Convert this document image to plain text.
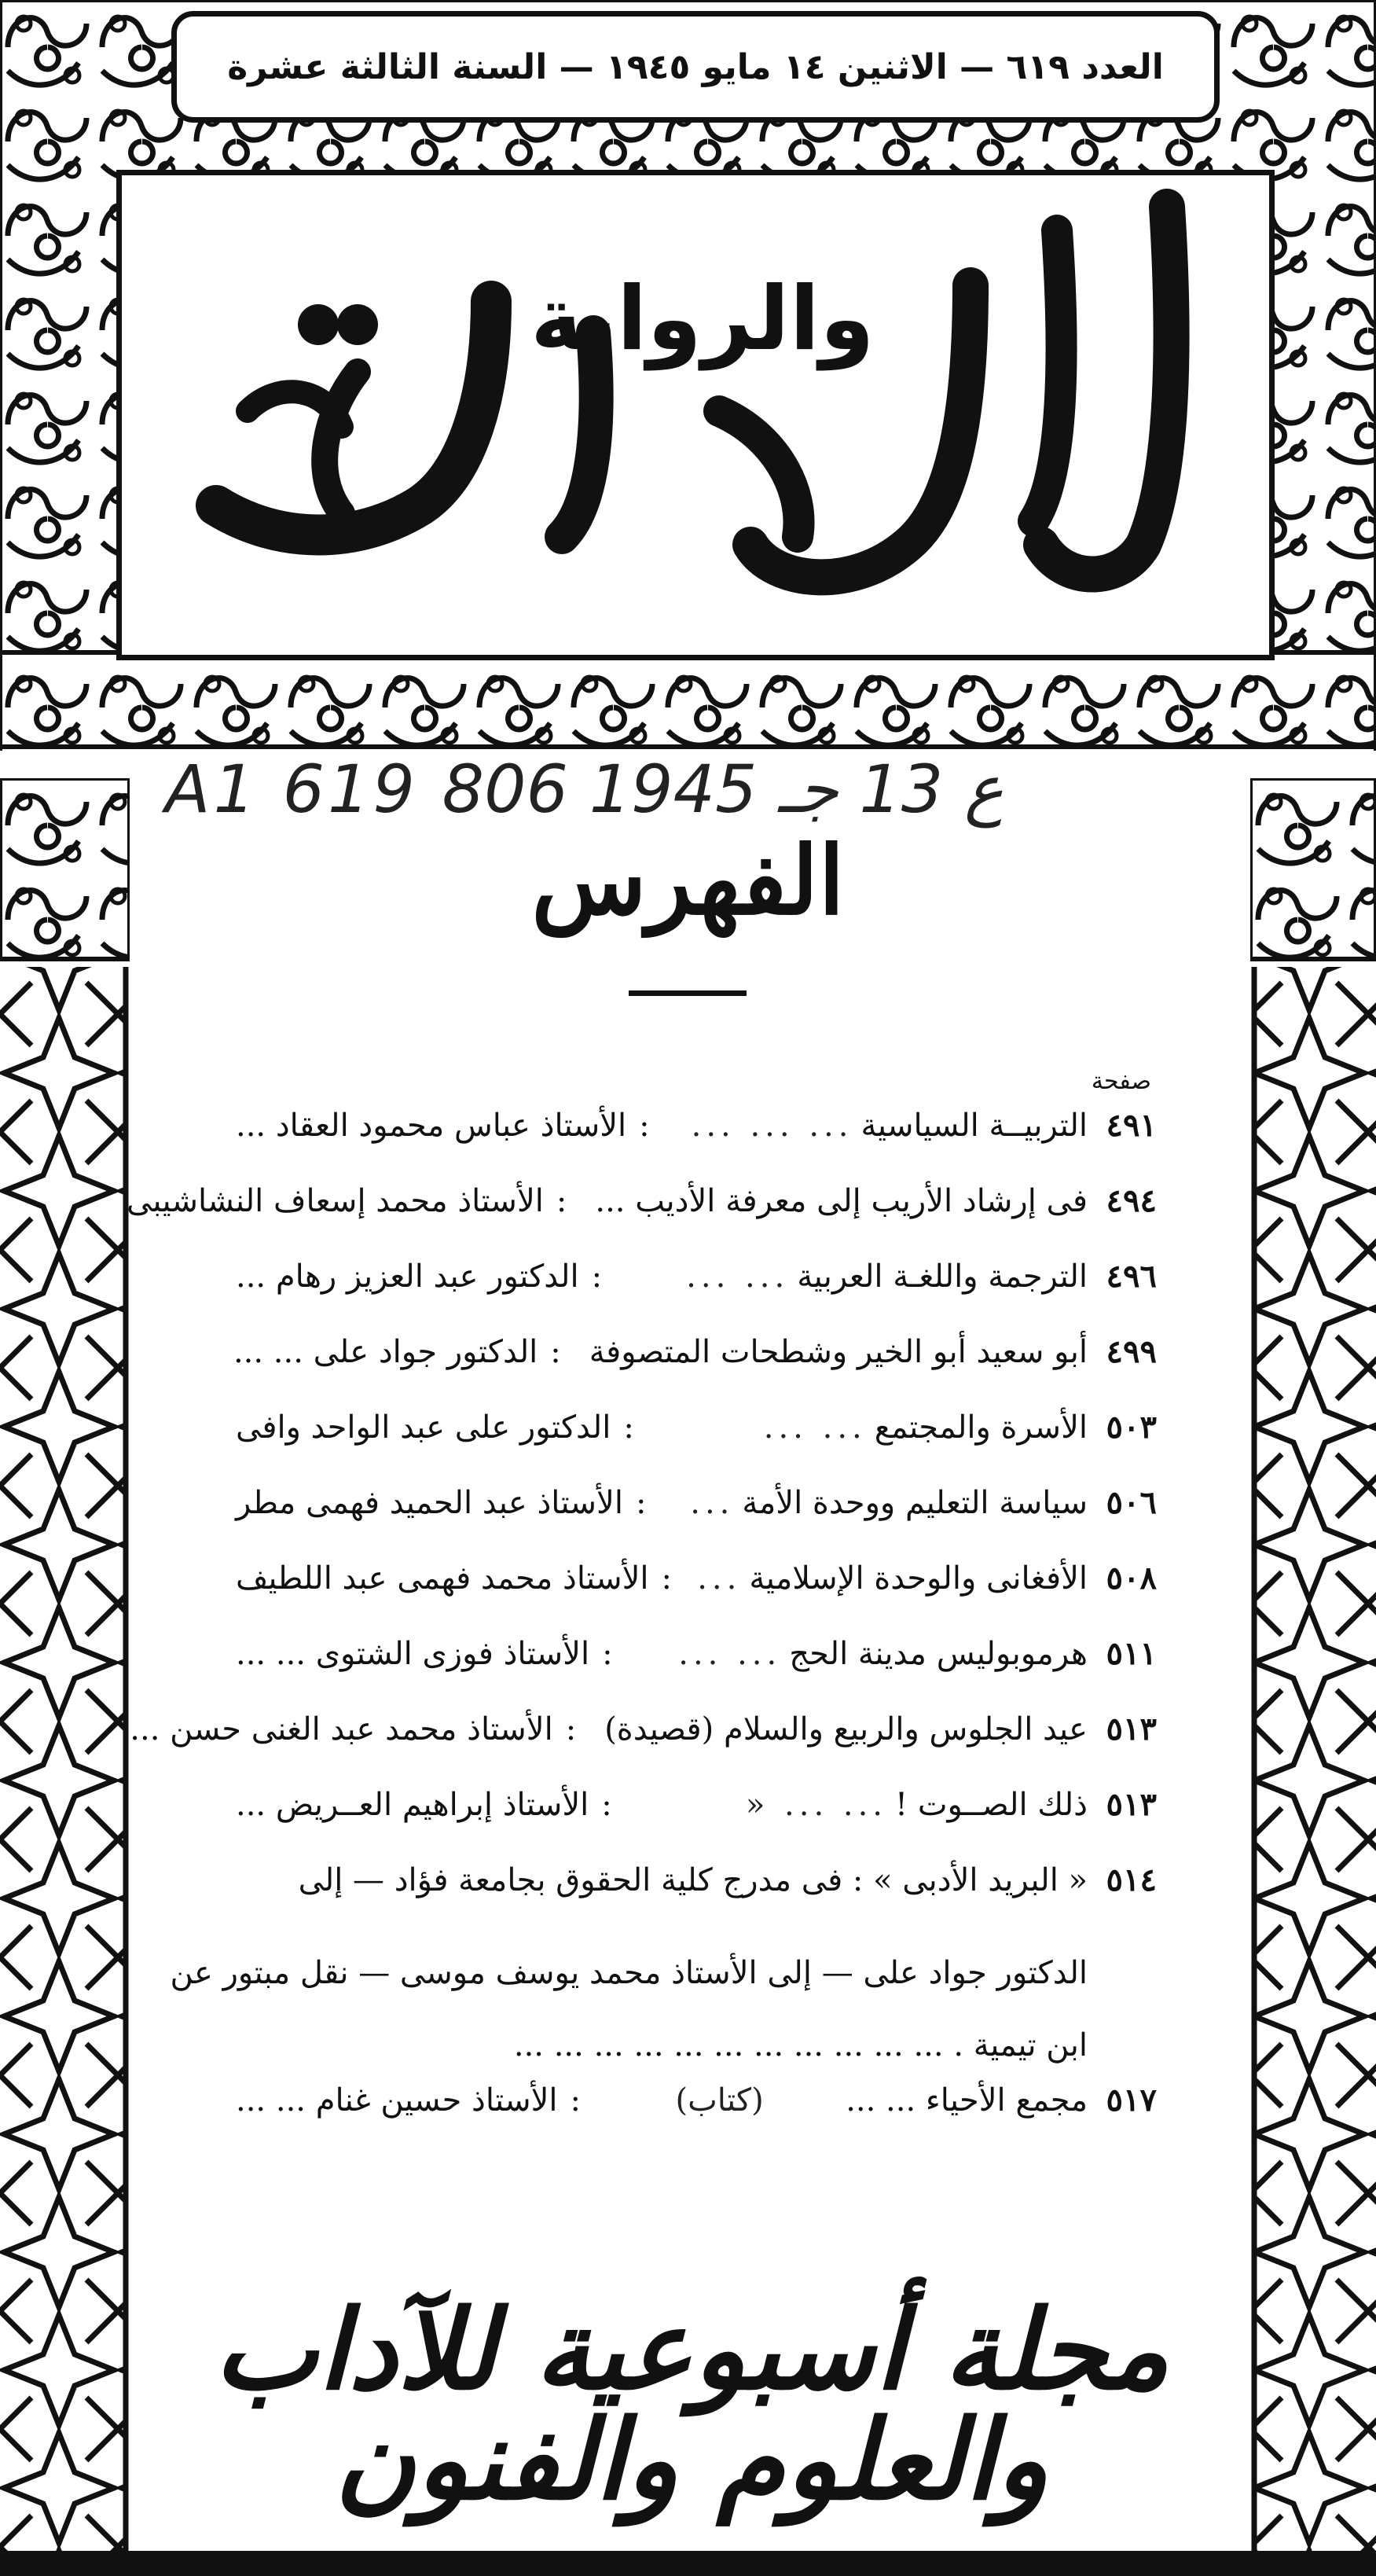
العدد ٦١٩ — الاثنين ١٤ مايو ١٩٤٥ — السنة الثالثة عشرة
والرواية
A1 619 ع 13 جـ 1945 806
الفهرس
صفحة
٤٩١
التربيــة السياسية
... ... ...
:
الأستاذ عباس محمود العقاد ...
٤٩٤
فى إرشاد الأريب إلى معرفة الأديب ...
:
الأستاذ محمد إسعاف النشاشيبى
٤٩٦
الترجمة واللغـة العربية
... ...
:
الدكتور عبد العزيز رهام ...
٤٩٩
أبو سعيد أبو الخير وشطحات المتصوفة
:
الدكتور جواد على ... ...
٥٠٣
الأسرة والمجتمع
... ...
:
الدكتور على عبد الواحد وافى
٥٠٦
سياسة التعليم ووحدة الأمة
...
:
الأستاذ عبد الحميد فهمى مطر
٥٠٨
الأفغانى والوحدة الإسلامية
...
:
الأستاذ محمد فهمى عبد اللطيف
٥١١
هرموبوليس مدينة الحج
... ...
:
الأستاذ فوزى الشتوى ... ...
٥١٣
عيد الجلوس والربيع والسلام (قصيدة)
:
الأستاذ محمد عبد الغنى حسن ...
٥١٣
ذلك الصــوت !
... ... «
:
الأستاذ إبراهيم العــريض ...
٥١٤
« البريد الأدبى » : فى مدرج كلية الحقوق بجامعة فؤاد — إلى
الدكتور جواد على — إلى الأستاذ محمد يوسف موسى — نقل مبتور عن
ابن تيمية . ... ... ... ... ... ... ... ... ... ... ...
٥١٧
مجمع الأحياء ... ...
(كتاب)
:
الأستاذ حسين غنام ... ...
مجلة أسبوعية للآداب والعلوم والفنون
